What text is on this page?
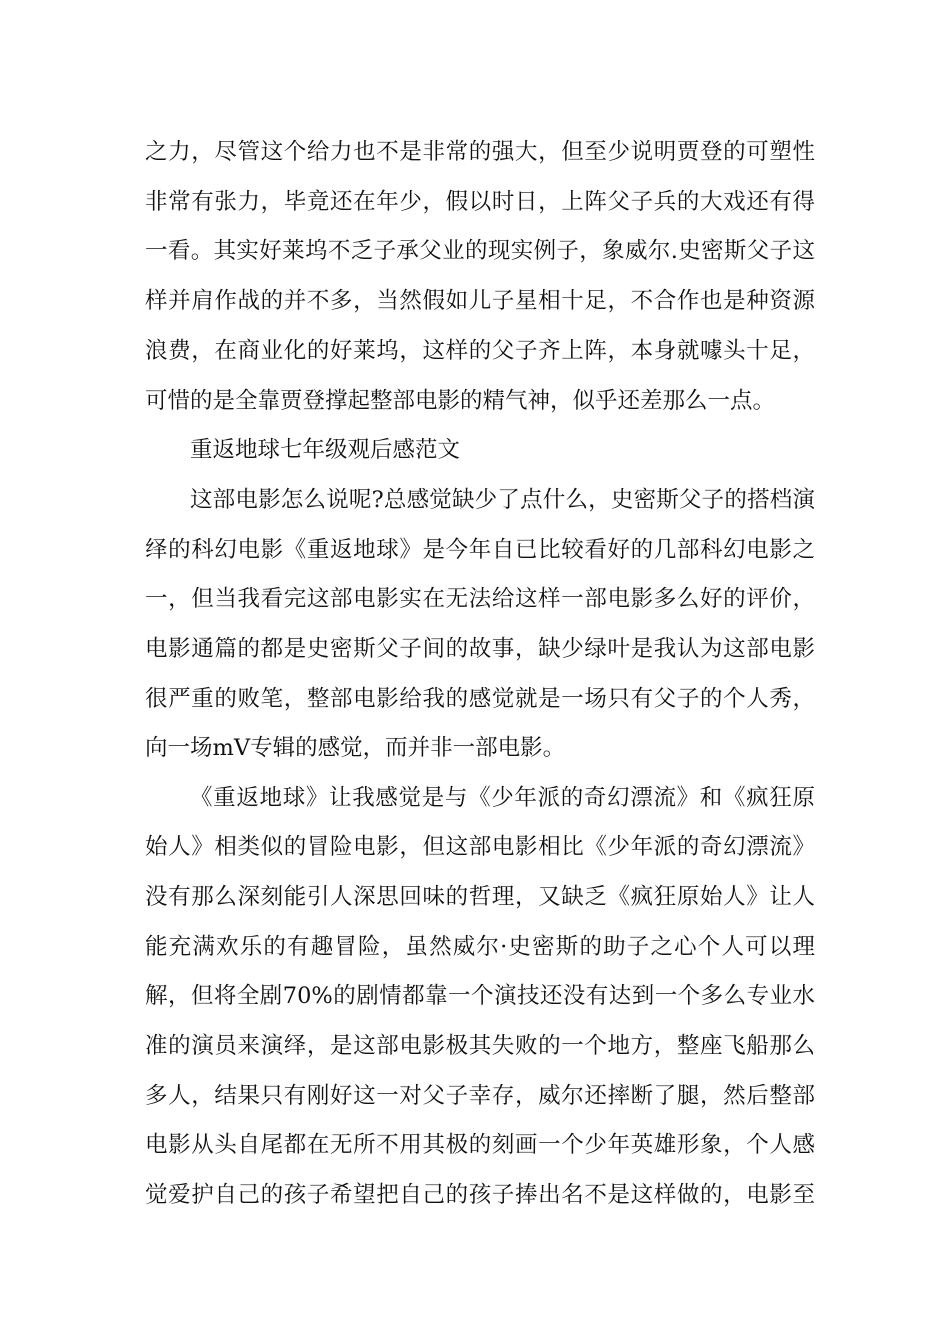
之力，尽管这个给力也不是非常的强大，但至少说明贾登的可塑性
非常有张力，毕竟还在年少，假以时日，上阵父子兵的大戏还有得
一看。其实好莱坞不乏子承父业的现实例子，象威尔.史密斯父子这
样并肩作战的并不多，当然假如儿子星相十足，不合作也是种资源
浪费，在商业化的好莱坞，这样的父子齐上阵，本身就噱头十足，
可惜的是全靠贾登撑起整部电影的精气神，似乎还差那么一点。
重返地球七年级观后感范文
这部电影怎么说呢?总感觉缺少了点什么，史密斯父子的搭档演
绎的科幻电影《重返地球》是今年自已比较看好的几部科幻电影之
一，但当我看完这部电影实在无法给这样一部电影多么好的评价，
电影通篇的都是史密斯父子间的故事，缺少绿叶是我认为这部电影
很严重的败笔，整部电影给我的感觉就是一场只有父子的个人秀，
向一场mV专辑的感觉，而并非一部电影。
《重返地球》让我感觉是与《少年派的奇幻漂流》和《疯狂原
始人》相类似的冒险电影，但这部电影相比《少年派的奇幻漂流》
没有那么深刻能引人深思回味的哲理，又缺乏《疯狂原始人》让人
能充满欢乐的有趣冒险，虽然威尔·史密斯的助子之心个人可以理
解，但将全剧70%的剧情都靠一个演技还没有达到一个多么专业水
准的演员来演绎，是这部电影极其失败的一个地方，整座飞船那么
多人，结果只有刚好这一对父子幸存，威尔还摔断了腿，然后整部
电影从头自尾都在无所不用其极的刻画一个少年英雄形象，个人感
觉爱护自己的孩子希望把自己的孩子捧出名不是这样做的，电影至
